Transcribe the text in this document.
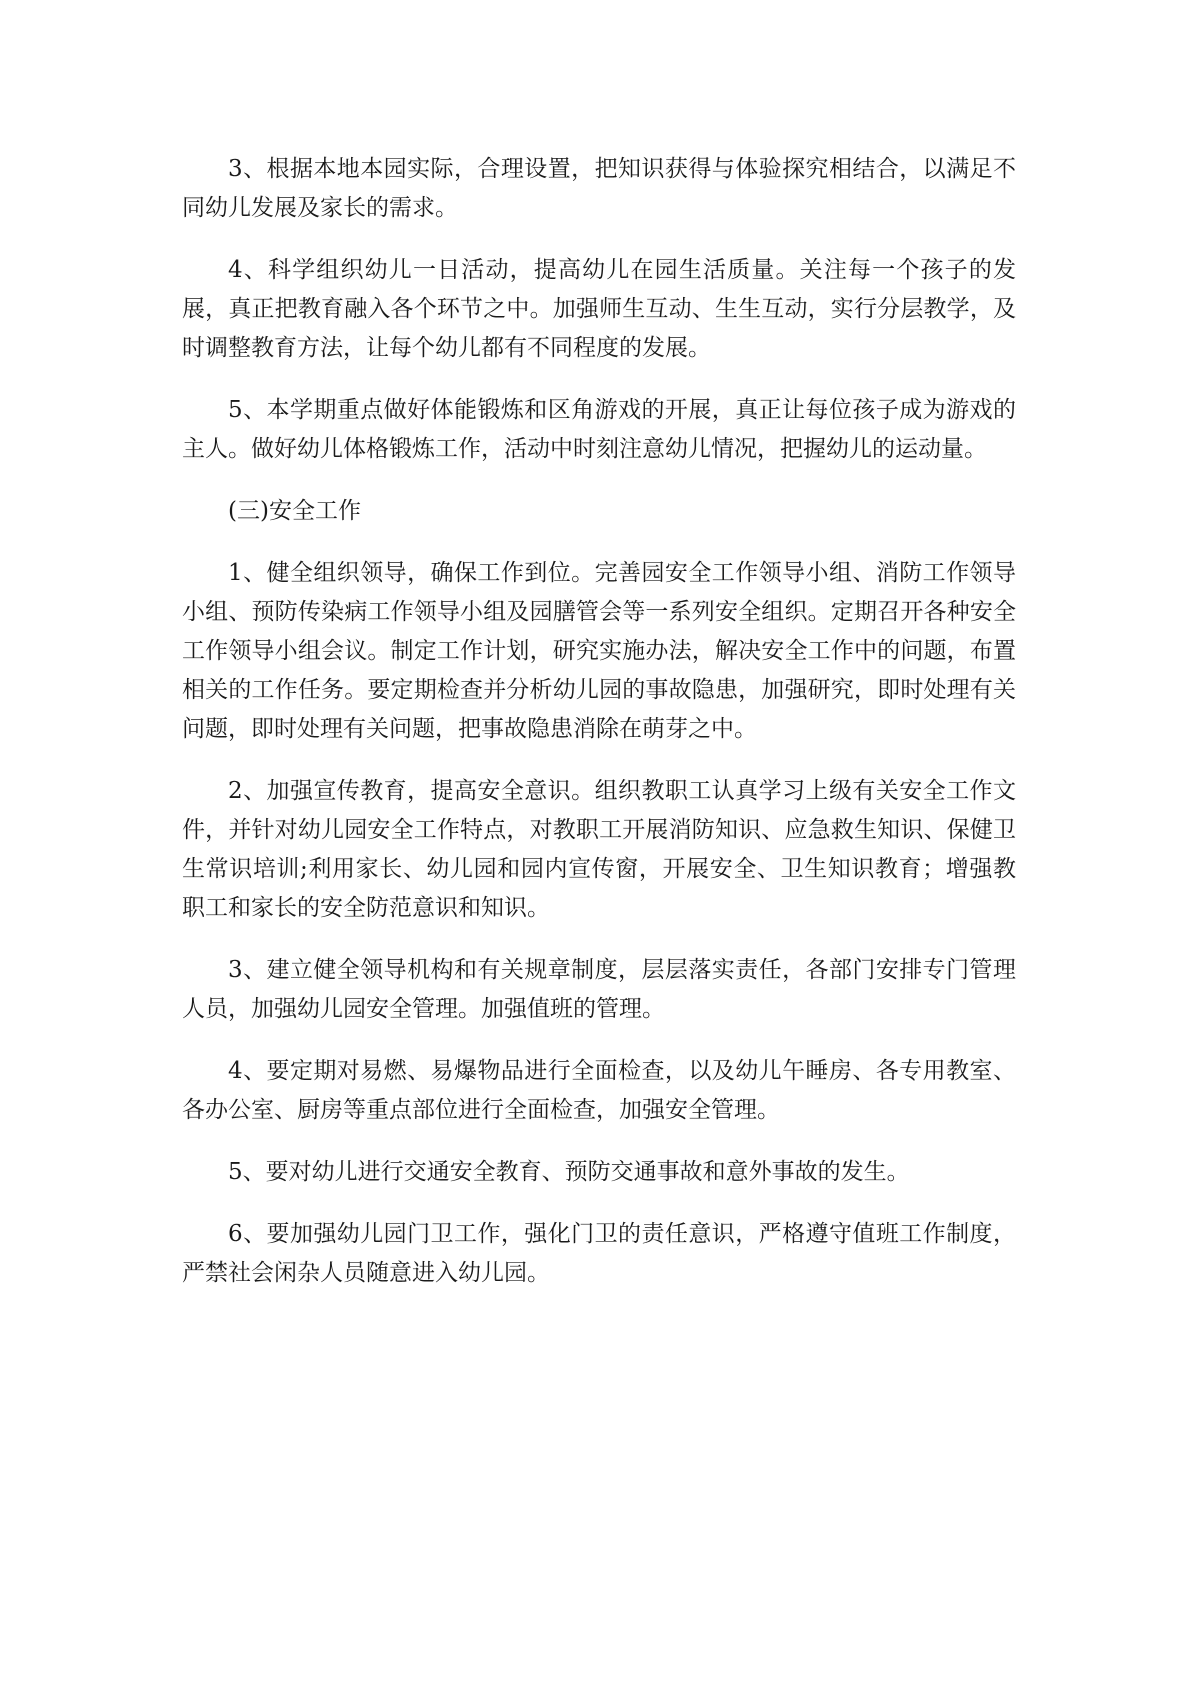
3、根据本地本园实际，合理设置，把知识获得与体验探究相结合，以满足不同幼儿发展及家长的需求。

4、科学组织幼儿一日活动，提高幼儿在园生活质量。关注每一个孩子的发展，真正把教育融入各个环节之中。加强师生互动、生生互动，实行分层教学，及时调整教育方法，让每个幼儿都有不同程度的发展。

5、本学期重点做好体能锻炼和区角游戏的开展，真正让每位孩子成为游戏的主人。做好幼儿体格锻炼工作，活动中时刻注意幼儿情况，把握幼儿的运动量。

(三)安全工作

1、健全组织领导，确保工作到位。完善园安全工作领导小组、消防工作领导小组、预防传染病工作领导小组及园膳管会等一系列安全组织。定期召开各种安全工作领导小组会议。制定工作计划，研究实施办法，解决安全工作中的问题，布置相关的工作任务。要定期检查并分析幼儿园的事故隐患，加强研究，即时处理有关问题，即时处理有关问题，把事故隐患消除在萌芽之中。

2、加强宣传教育，提高安全意识。组织教职工认真学习上级有关安全工作文件，并针对幼儿园安全工作特点，对教职工开展消防知识、应急救生知识、保健卫生常识培训;利用家长、幼儿园和园内宣传窗，开展安全、卫生知识教育；增强教职工和家长的安全防范意识和知识。

3、建立健全领导机构和有关规章制度，层层落实责任，各部门安排专门管理人员，加强幼儿园安全管理。加强值班的管理。

4、要定期对易燃、易爆物品进行全面检查，以及幼儿午睡房、各专用教室、各办公室、厨房等重点部位进行全面检查，加强安全管理。

5、要对幼儿进行交通安全教育、预防交通事故和意外事故的发生。

6、要加强幼儿园门卫工作，强化门卫的责任意识，严格遵守值班工作制度，严禁社会闲杂人员随意进入幼儿园。
